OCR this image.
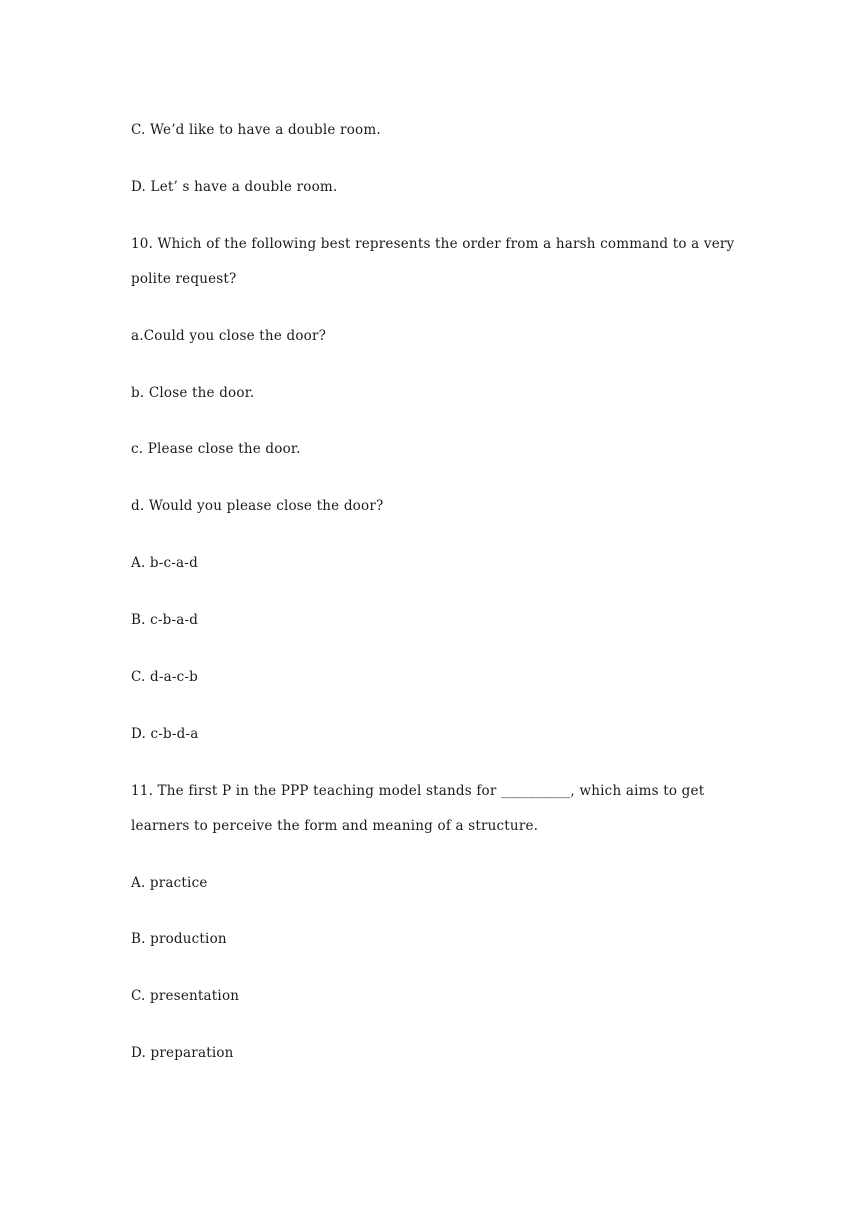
C. We’d like to have a double room.
D. Let’ s have a double room.
10. Which of the following best represents the order from a harsh command to a very
polite request?
a.Could you close the door?
b. Close the door.
c. Please close the door.
d. Would you please close the door?
A. b-c-a-d
B. c-b-a-d
C. d-a-c-b
D. c-b-d-a
11. The first P in the PPP teaching model stands for __________, which aims to get
learners to perceive the form and meaning of a structure.
A. practice
B. production
C. presentation
D. preparation
